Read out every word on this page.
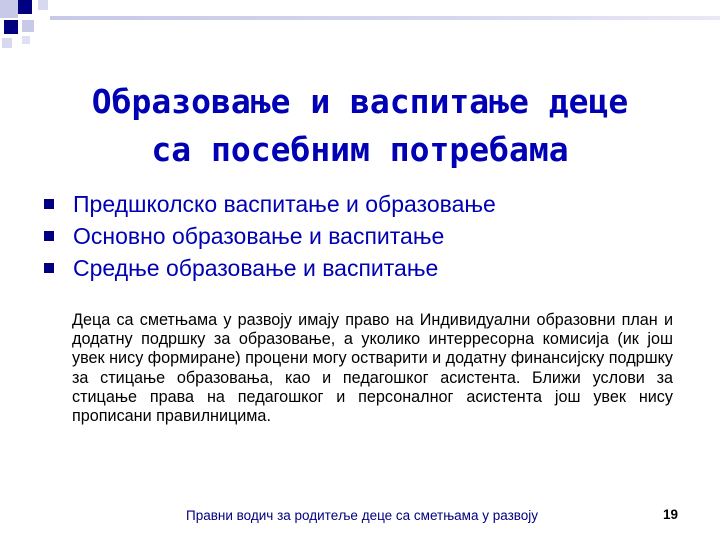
Образовање и васпитање деце
са посебним потребама
Предшколско васпитање и образовање
Основно образовање и васпитање
Средње образовање и васпитање

Деца са сметњама у развоју имају право на Индивидуални образовни план и додатну подршку за образовање, а уколико интерресорна комисија (ик још увек нису формиране) процени могу остварити и додатну финансијску подршку за стицање образовања, као и педагошког асистента. Ближи услови за стицање права на педагошког и персоналног асистента још увек нису прописани правилницима.

Правни водич за родитеље деце са сметњама у развоју	19
